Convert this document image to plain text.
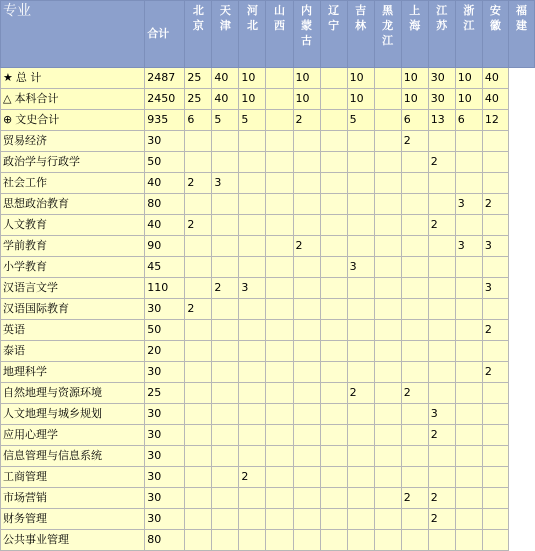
专业	合计	北京	天津	河北	山西	内蒙古	辽宁	吉林	黑龙江	上海	江苏	浙江	安徽	福建

★ 总 计	2487	25	40	10		10		10		10	30	10	40	
△ 本科合计	2450	25	40	10		10		10		10	30	10	40	
⊕ 文史合计	935	6	5	5		2		5		6	13	6	12	
贸易经济	30									2				
政治学与行政学	50										2			
社会工作	40	2	3											
思想政治教育	80											3	2	
人文教育	40	2									2			
学前教育	90					2						3	3	
小学教育	45							3						
汉语言文学	110		2	3									3	
汉语国际教育	30	2												
英语	50												2	
泰语	20													
地理科学	30												2	
自然地理与资源环境	25							2		2				
人文地理与城乡规划	30										3			
应用心理学	30										2			
信息管理与信息系统	30													
工商管理	30			2										
市场营销	30									2	2			
财务管理	30										2			
公共事业管理	80													
